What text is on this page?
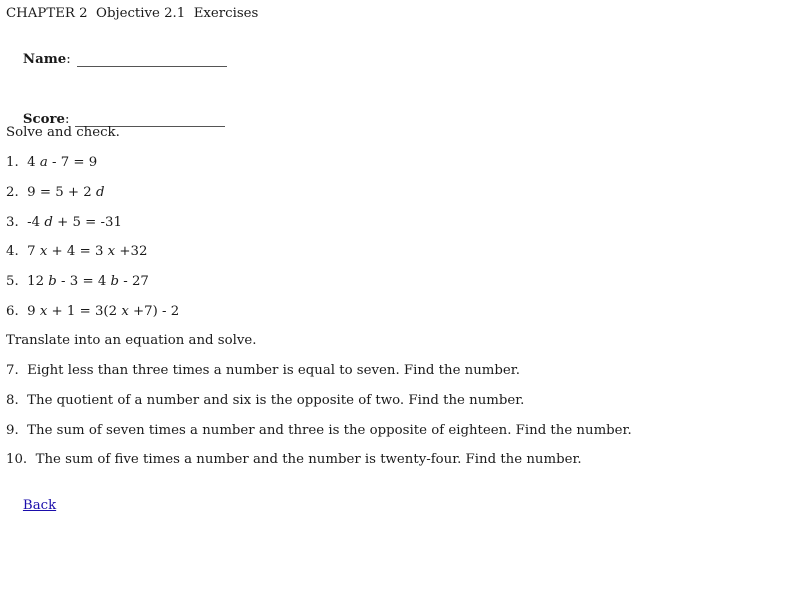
CHAPTER 2  Objective 2.1  Exercises

Name:

Score:

Solve and check.
1.  4 a - 7 = 9
2.  9 = 5 + 2 d
3.  -4 d + 5 = -31
4.  7 x + 4 = 3 x +32
5.  12 b - 3 = 4 b - 27
6.  9 x + 1 = 3(2 x +7) - 2
Translate into an equation and solve.
7.  Eight less than three times a number is equal to seven. Find the number.
8.  The quotient of a number and six is the opposite of two. Find the number.
9.  The sum of seven times a number and three is the opposite of eighteen. Find the number.
10.  The sum of five times a number and the number is twenty-four. Find the number.

Back
